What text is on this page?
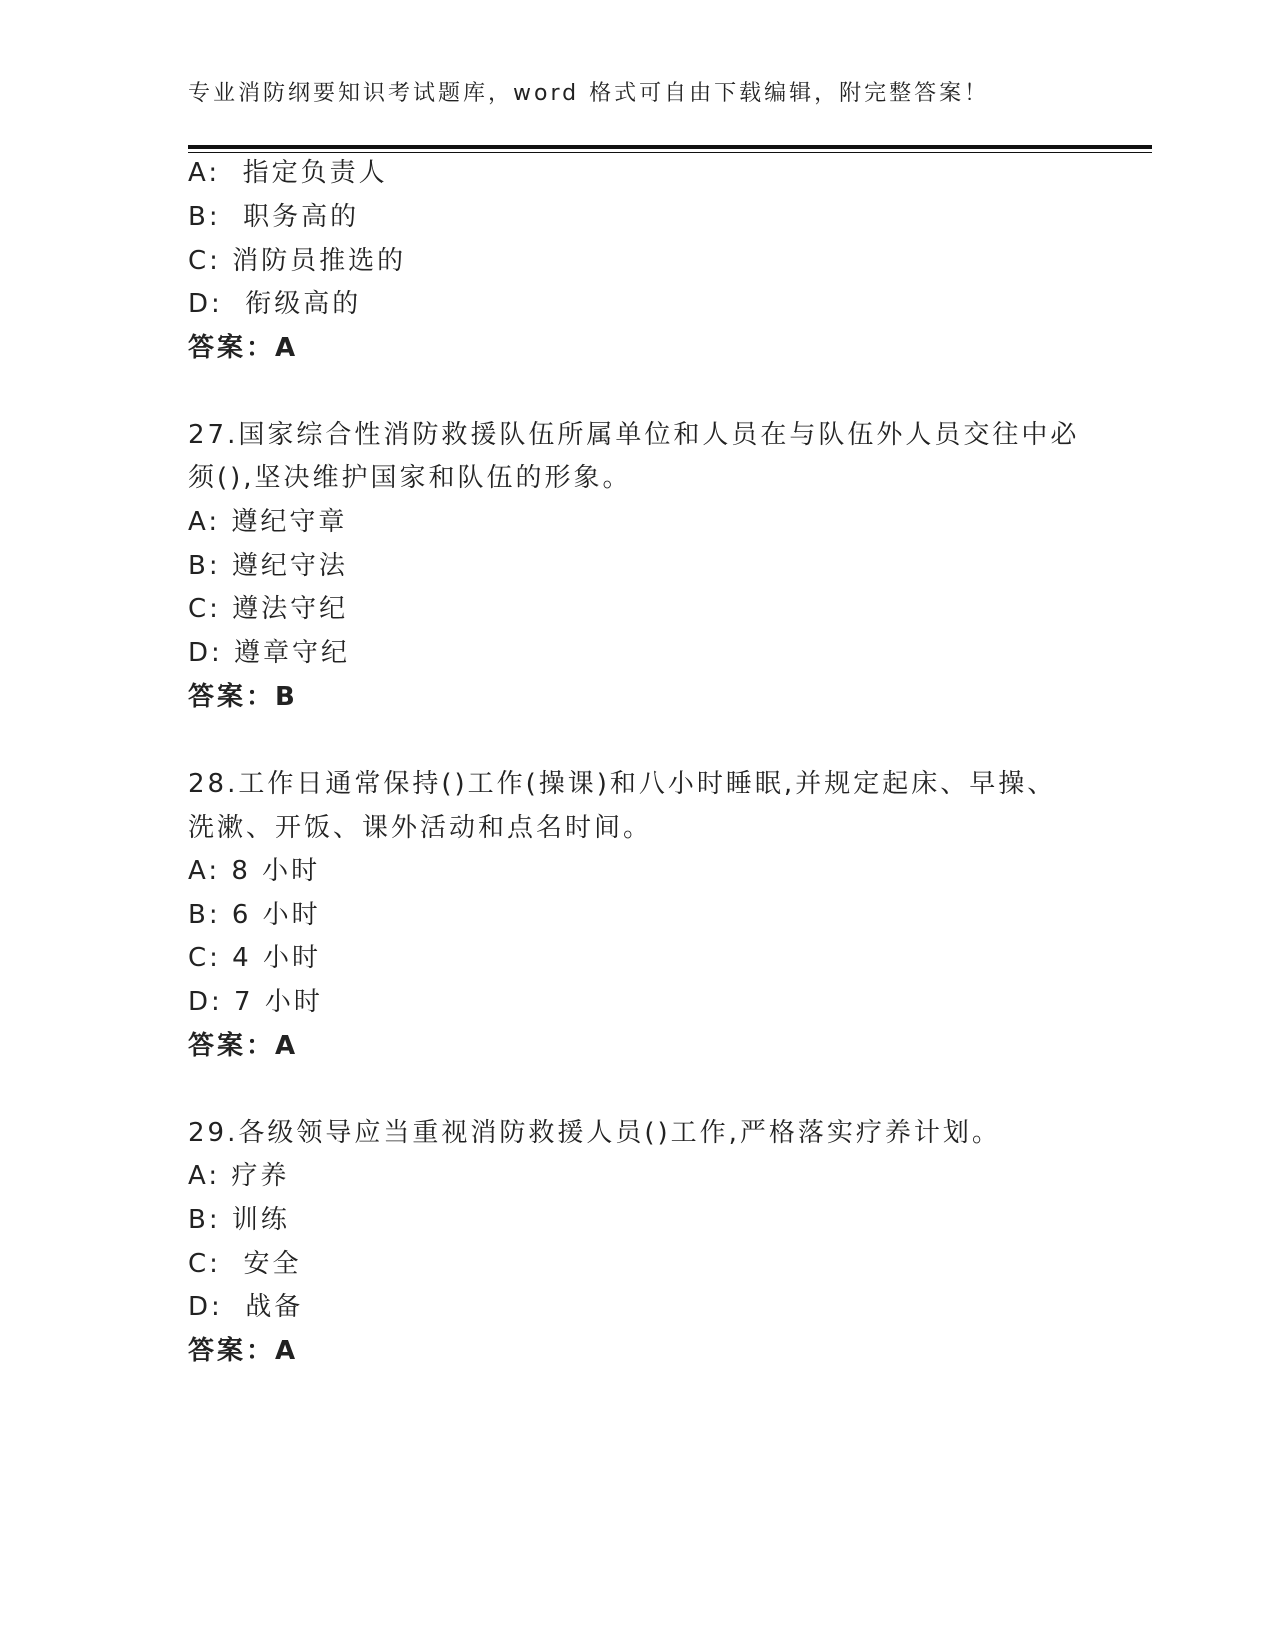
专业消防纲要知识考试题库，word 格式可自由下载编辑，附完整答案！
A:  指定负责人
B:  职务高的
C: 消防员推选的
D:  衔级高的
答案：A
27.国家综合性消防救援队伍所属单位和人员在与队伍外人员交往中必
须(),坚决维护国家和队伍的形象。
A: 遵纪守章
B: 遵纪守法
C: 遵法守纪
D: 遵章守纪
答案：B
28.工作日通常保持()工作(操课)和八小时睡眠,并规定起床、早操、
洗漱、开饭、课外活动和点名时间。
A: 8 小时
B: 6 小时
C: 4 小时
D: 7 小时
答案：A
29.各级领导应当重视消防救援人员()工作,严格落实疗养计划。
A: 疗养
B: 训练
C:  安全
D:  战备
答案：A
